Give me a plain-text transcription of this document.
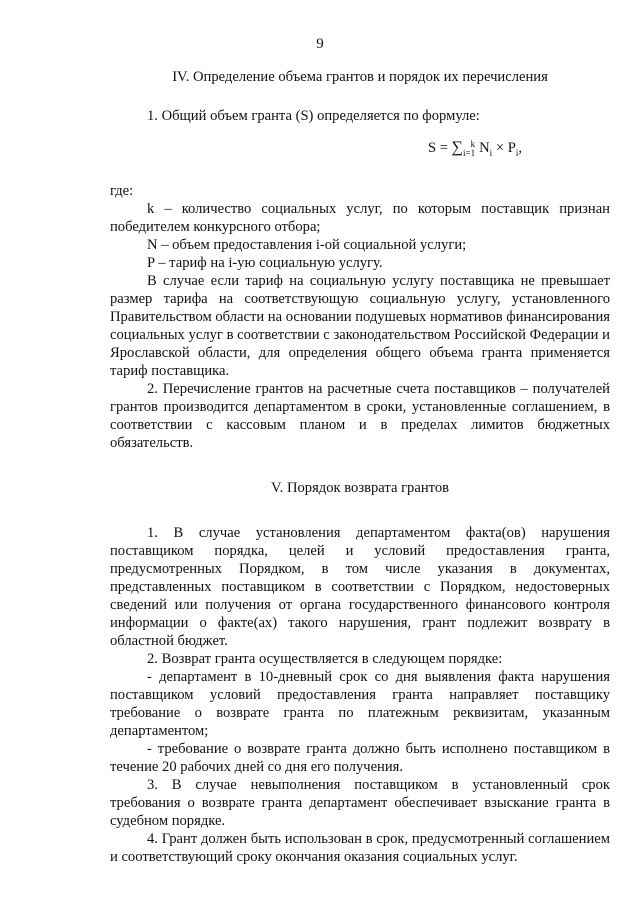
9

IV. Определение объема грантов и порядок их перечисления

1. Общий объем гранта (S) определяется по формуле:

S = ∑ k
i=1 $N_i \times P_i$,

где:

k – количество социальных услуг, по которым поставщик признан победителем конкурсного отбора;

N – объем предоставления i-ой социальной услуги;

P – тариф на i-ую социальную услугу.

В случае если тариф на социальную услугу поставщика не превышает размер тарифа на соответствующую социальную услугу, установленного Правительством области на основании подушевых нормативов финансирования социальных услуг в соответствии с законодательством Российской Федерации и Ярославской области, для определения общего объема гранта применяется тариф поставщика.

2. Перечисление грантов на расчетные счета поставщиков – получателей грантов производится департаментом в сроки, установленные соглашением, в соответствии с кассовым планом и в пределах лимитов бюджетных обязательств.

V. Порядок возврата грантов

1. В случае установления департаментом факта(ов) нарушения поставщиком порядка, целей и условий предоставления гранта, предусмотренных Порядком, в том числе указания в документах, представленных поставщиком в соответствии с Порядком, недостоверных сведений или получения от органа государственного финансового контроля информации о факте(ах) такого нарушения, грант подлежит возврату в областной бюджет.

2. Возврат гранта осуществляется в следующем порядке:

- департамент в 10-дневный срок со дня выявления факта нарушения поставщиком условий предоставления гранта направляет поставщику требование о возврате гранта по платежным реквизитам, указанным департаментом;

- требование о возврате гранта должно быть исполнено поставщиком в течение 20 рабочих дней со дня его получения.

3. В случае невыполнения поставщиком в установленный срок требования о возврате гранта департамент обеспечивает взыскание гранта в судебном порядке.

4. Грант должен быть использован в срок, предусмотренный соглашением и соответствующий сроку окончания оказания социальных услуг.
